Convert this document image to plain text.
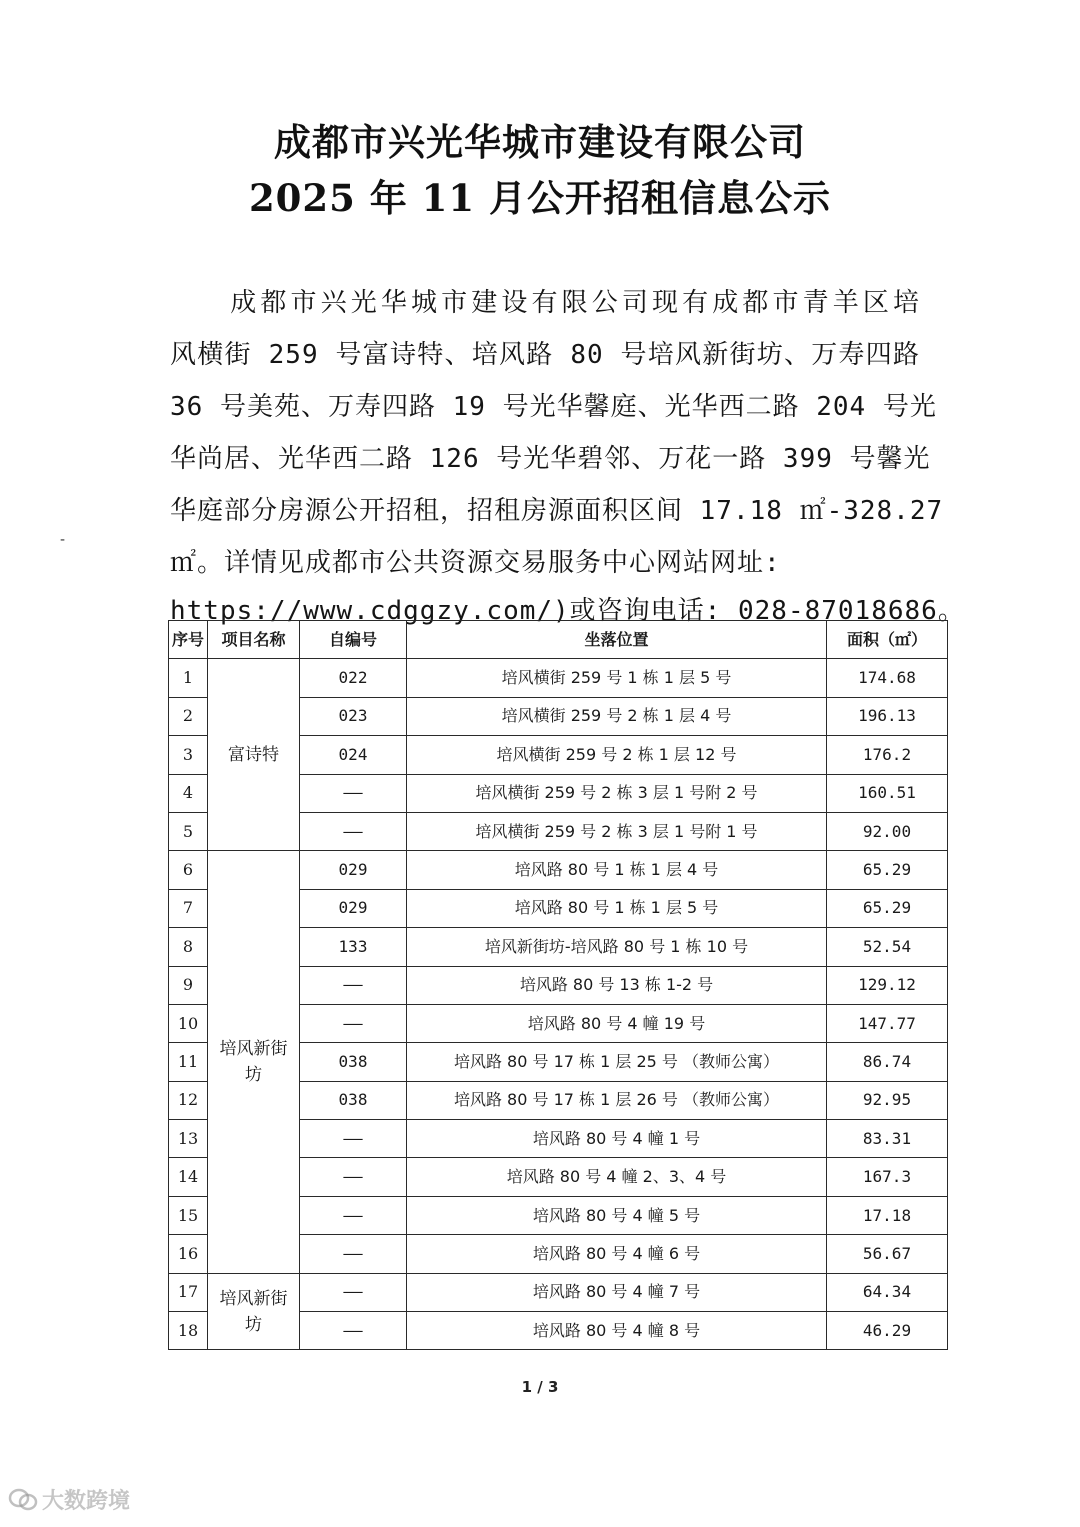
成都市兴光华城市建设有限公司
2025 年 11 月公开招租信息公示
-
　　成都市兴光华城市建设有限公司现有成都市青羊区培
风横街 259 号富诗特、培风路 80 号培风新街坊、万寿四路
36 号美苑、万寿四路 19 号光华馨庭、光华西二路 204 号光
华尚居、光华西二路 126 号光华碧邻、万花一路 399 号馨光
华庭部分房源公开招租，招租房源面积区间 17.18 ㎡-328.27
㎡。详情见成都市公共资源交易服务中心网站网址:
https://www.cdggzy.com/)或咨询电话: 028-87018686。
序号	项目名称	自编号	坐落位置	面积（㎡）
1	富诗特	022	培风横街 259 号 1 栋 1 层 5 号	174.68
2		023	培风横街 259 号 2 栋 1 层 4 号	196.13
3		024	培风横街 259 号 2 栋 1 层 12 号	176.2
4		——	培风横街 259 号 2 栋 3 层 1 号附 2 号	160.51
5		——	培风横街 259 号 2 栋 3 层 1 号附 1 号	92.00
6	培风新街
坊	029	培风路 80 号 1 栋 1 层 4 号	65.29
7		029	培风路 80 号 1 栋 1 层 5 号	65.29
8		133	培风新街坊-培风路 80 号 1 栋 10 号	52.54
9		——	培风路 80 号 13 栋 1-2 号	129.12
10		——	培风路 80 号 4 幢 19 号	147.77
11		038	培风路 80 号 17 栋 1 层 25 号 （教师公寓）	86.74
12		038	培风路 80 号 17 栋 1 层 26 号 （教师公寓）	92.95
13		——	培风路 80 号 4 幢 1 号	83.31
14		——	培风路 80 号 4 幢 2、3、4 号	167.3
15		——	培风路 80 号 4 幢 5 号	17.18
16		——	培风路 80 号 4 幢 6 号	56.67
17	培风新街
坊	——	培风路 80 号 4 幢 7 号	64.34
18		——	培风路 80 号 4 幢 8 号	46.29
1 / 3
大数跨境
